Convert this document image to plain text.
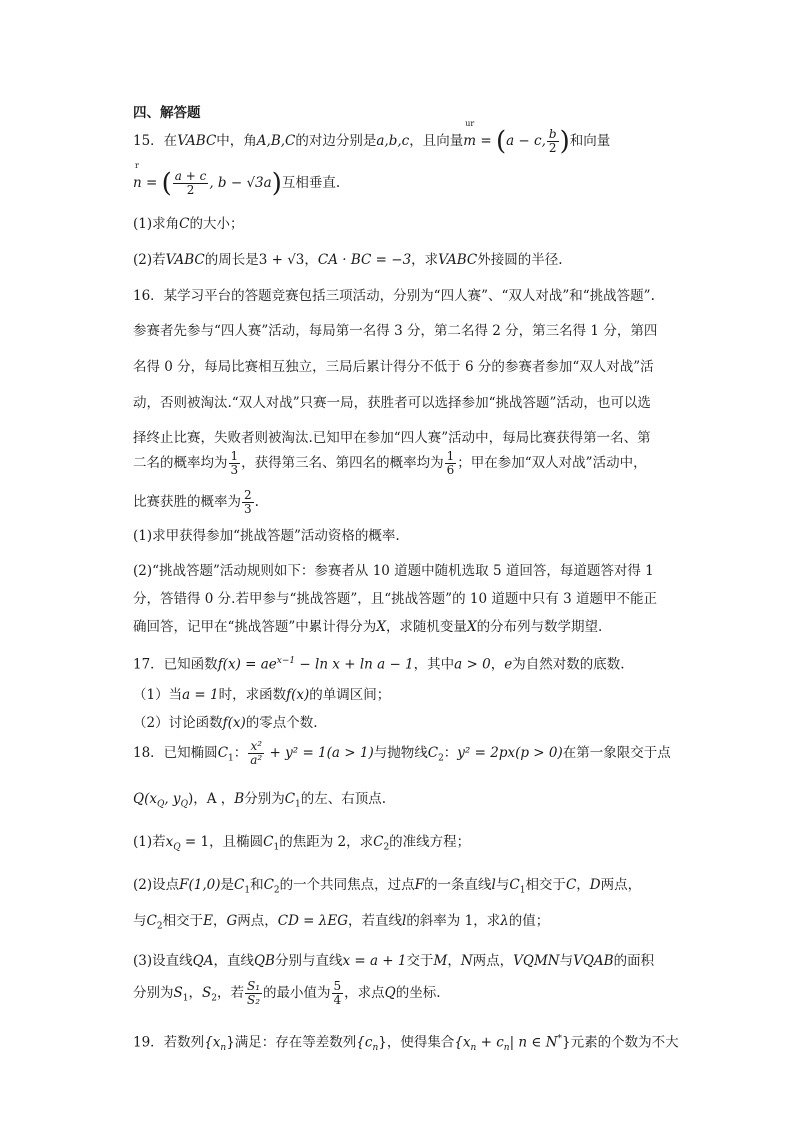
四、解答题
15．在VABC中，角A,B,C的对边分别是a,b,c，且向量
ur
m = (a − c, $\frac{b}{2}$ )和向量
r
n = ( $\frac{a + c}{2}$ , b − √3a)互相垂直.
(1)求角C的大小；
(2)若VABC的周长是3 + √3，CA · BC = −3，求VABC外接圆的半径.
16．某学习平台的答题竞赛包括三项活动，分别为“四人赛”、“双人对战”和“挑战答题”.
参赛者先参与“四人赛”活动，每局第一名得 3 分，第二名得 2 分，第三名得 1 分，第四
名得 0 分，每局比赛相互独立，三局后累计得分不低于 6 分的参赛者参加“双人对战”活
动，否则被淘汰.“双人对战”只赛一局，获胜者可以选择参加“挑战答题”活动，也可以选
择终止比赛，失败者则被淘汰.已知甲在参加“四人赛”活动中，每局比赛获得第一名、第
二名的概率均为 $\frac{1}{3}$ ，获得第三名、第四名的概率均为 $\frac{1}{6}$ ；甲在参加“双人对战”活动中，
比赛获胜的概率为 $\frac{2}{3}$ .
(1)求甲获得参加“挑战答题”活动资格的概率.
(2)“挑战答题”活动规则如下：参赛者从 10 道题中随机选取 5 道回答，每道题答对得 1
分，答错得 0 分.若甲参与“挑战答题”，且“挑战答题”的 10 道题中只有 3 道题甲不能正
确回答，记甲在“挑战答题”中累计得分为X，求随机变量X的分布列与数学期望.
17．已知函数$f(x) = ae^{x-1} - \ln x + \ln a - 1$，其中a > 0，e为自然对数的底数.
（1）当a = 1时，求函数f(x)的单调区间；
（2）讨论函数f(x)的零点个数.
18．已知椭圆$C_1$： $\frac{\text{x²}}{\text{a²}} + y^2 = 1(a > 1)$与抛物线$C_2$：y² = 2px(p > 0)在第一象限交于点
$Q(x_Q$, $y_Q$)，A ，B分别为$C_1$的左、右顶点.
(1)若$x_Q = 1$，且椭圆$C_1$的焦距为 2，求$C_2$的准线方程；
(2)设点F(1,0)是$C_1$和$C_2$的一个共同焦点，过点F的一条直线l与$C_1$相交于C，D两点，
与$C_2$相交于E，G两点，CD = λEG，若直线l的斜率为 1，求λ的值；
(3)设直线QA，直线QB分别与直线x = a + 1交于M，N两点，VQMN与VQAB的面积
分别为$S_1$，$S_2$，若 $\frac{\text{S₁}}{\text{S₂}}$ 的最小值为 $\frac{5}{4}$ ，求点Q的坐标.
19．若数列$\{x_n\}$满足：存在等差数列$\{c_n\}$，使得集合{$x_n + c_n|$ n ∈ N*}元素的个数为不大
